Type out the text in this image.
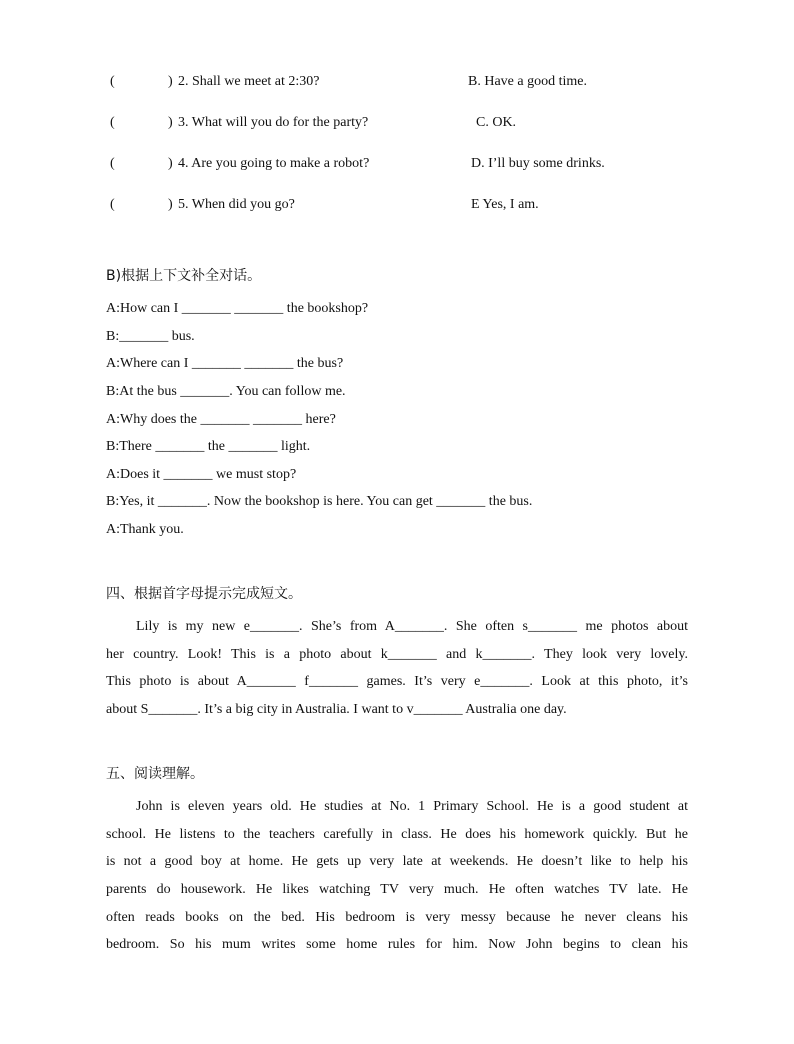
(	) 2. Shall we meet at 2:30?	B. Have a good time.
(	) 3. What will you do for the party?	C. OK.
(	) 4. Are you going to make a robot?	D. I’ll buy some drinks.
(	) 5. When did you go?	E Yes, I am.
B)根据上下文补全对话。
A:How can I _______ _______ the bookshop?
B:_______ bus.
A:Where can I _______ _______ the bus?
B:At the bus _______. You can follow me.
A:Why does the _______ _______ here?
B:There _______ the _______ light.
A:Does it _______ we must stop?
B:Yes, it _______. Now the bookshop is here. You can get _______ the bus.
A:Thank you.
四、根据首字母提示完成短文。
Lily is my new e_______. She’s from A_______. She often s_______ me photos about
her country. Look! This is a photo about k_______ and k_______. They look very lovely.
This photo is about A_______ f_______ games. It’s very e_______. Look at this photo, it’s
about S_______. It’s a big city in Australia. I want to v_______ Australia one day.
五、阅读理解。
John is eleven years old. He studies at No. 1 Primary School. He is a good student at
school. He listens to the teachers carefully in class. He does his homework quickly. But he
is not a good boy at home. He gets up very late at weekends. He doesn’t like to help his
parents do housework. He likes watching TV very much. He often watches TV late. He
often reads books on the bed. His bedroom is very messy because he never cleans his
bedroom. So his mum writes some home rules for him. Now John begins to clean his
